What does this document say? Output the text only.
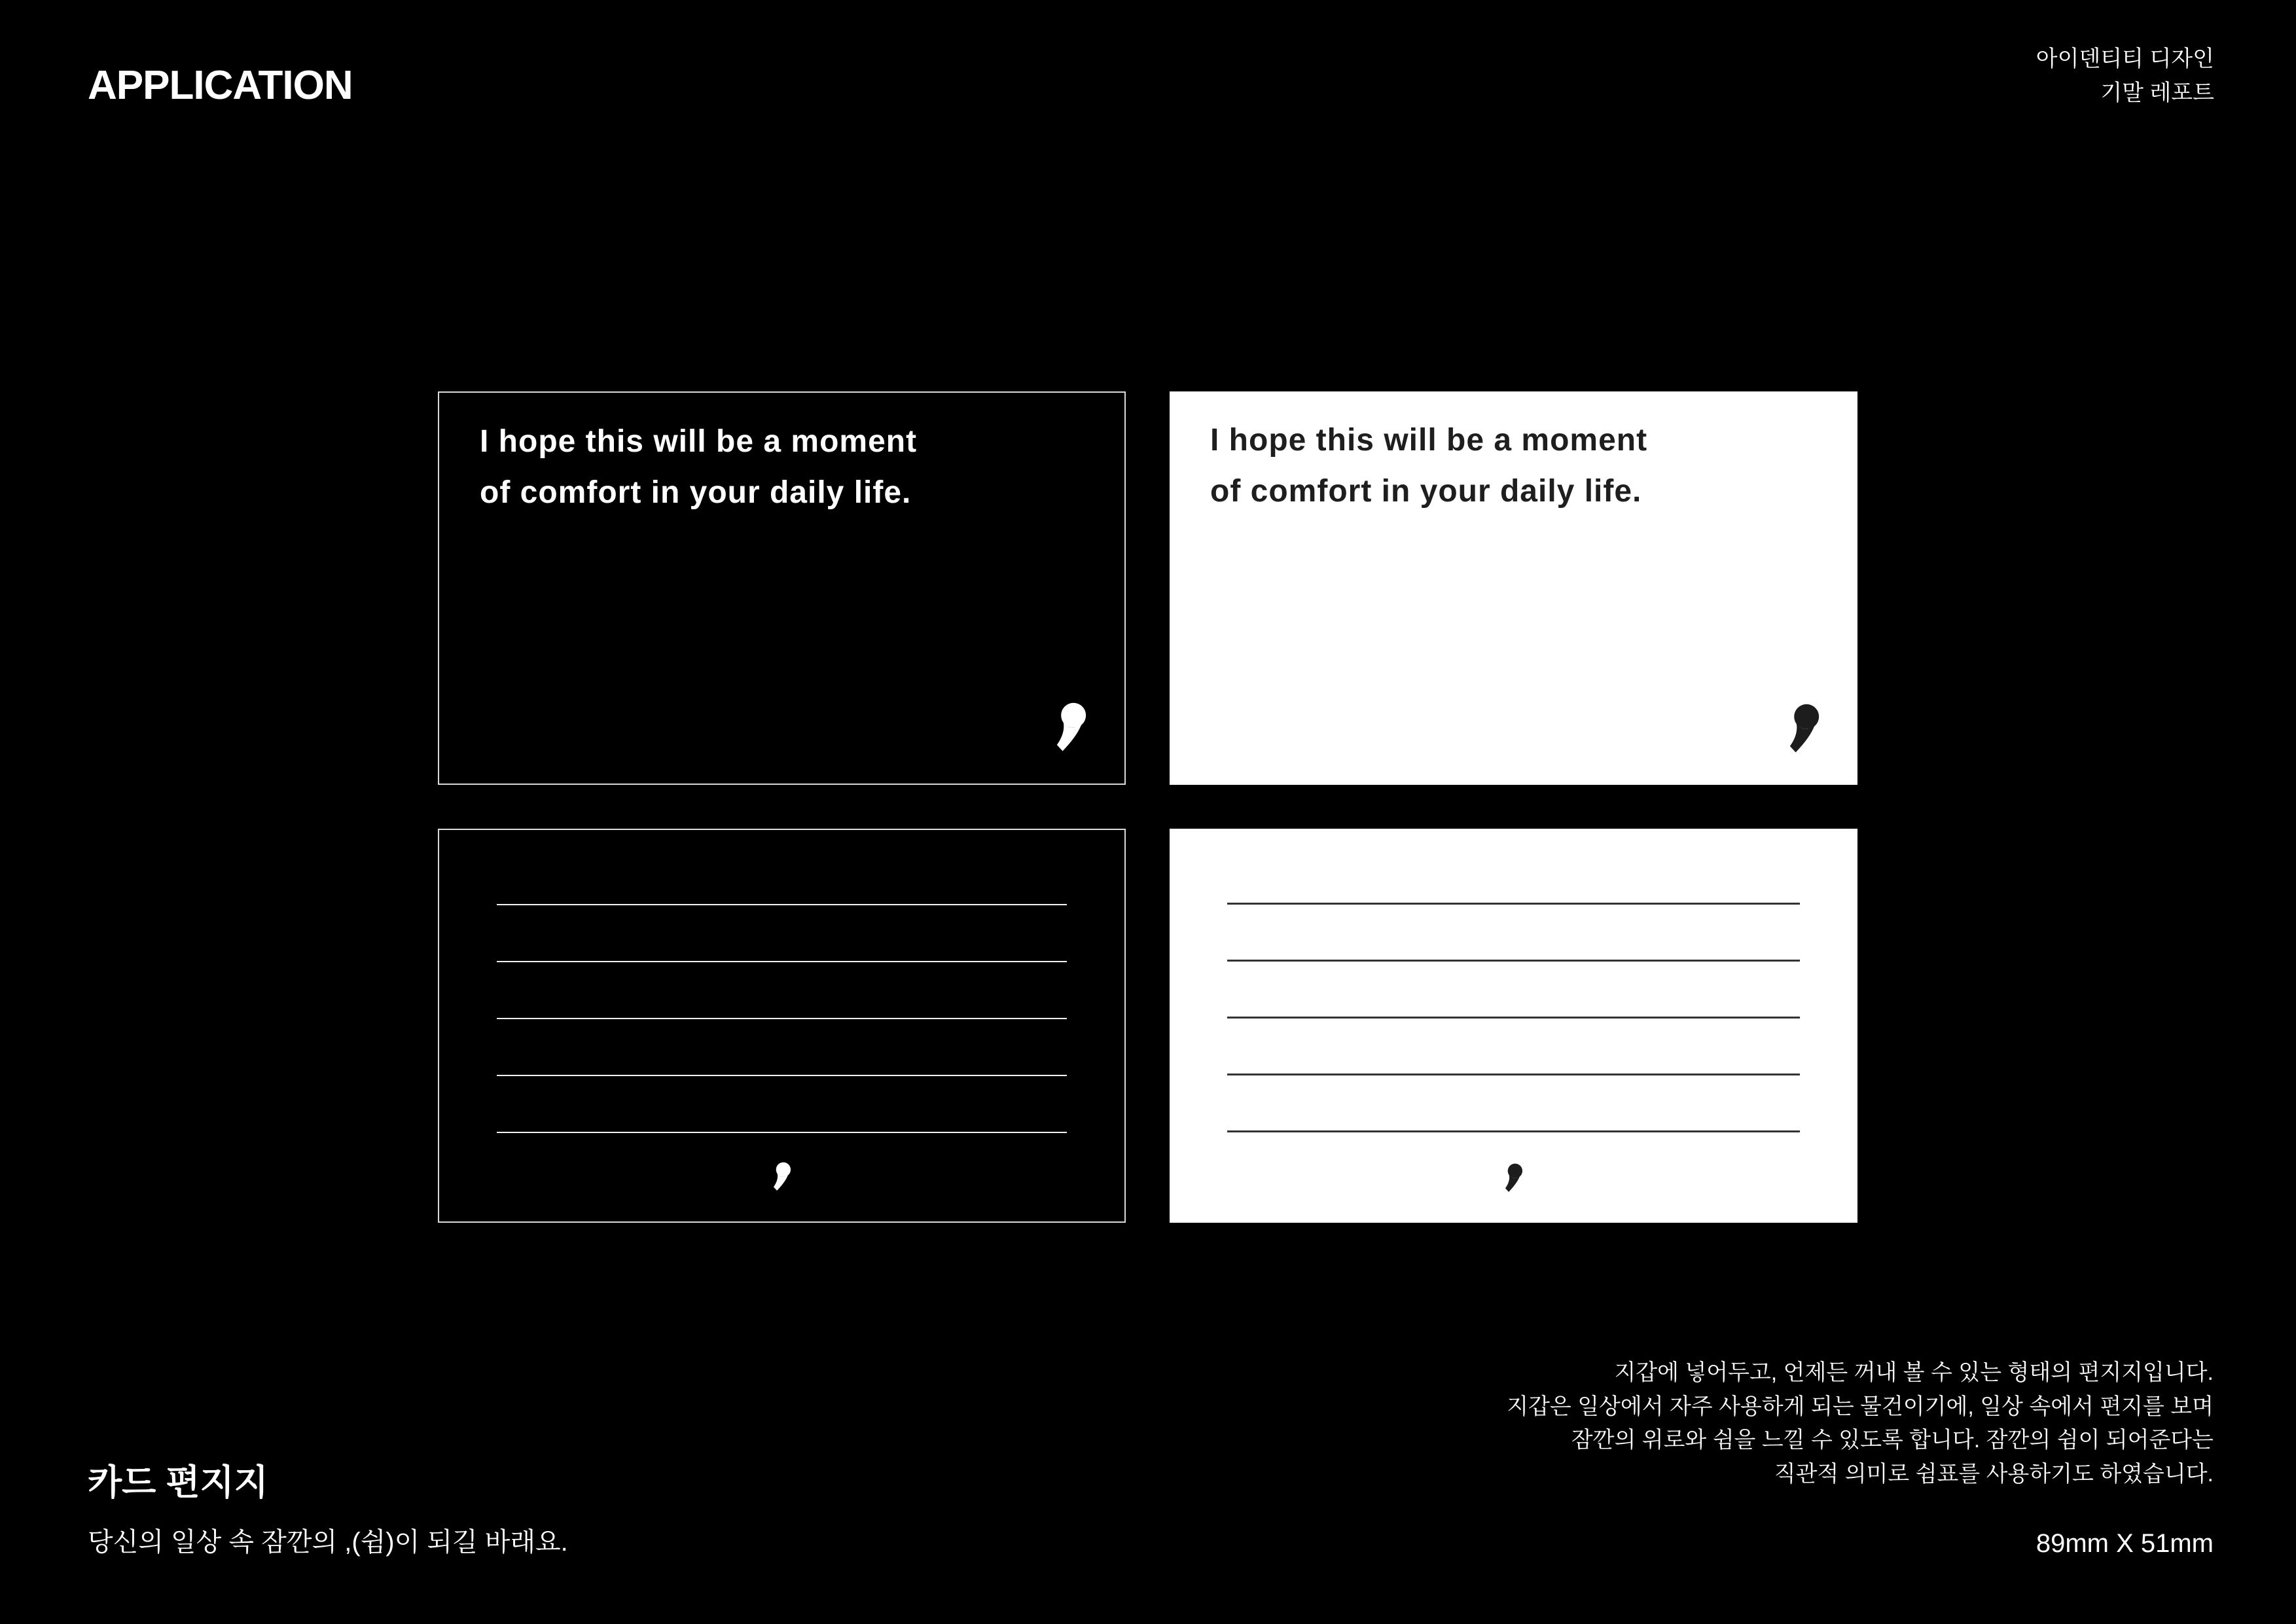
APPLICATION
아이덴티티 디자인
기말 레포트
I hope this will be a moment
of comfort in your daily life.
I hope this will be a moment
of comfort in your daily life.
카드 편지지
당신의 일상 속 잠깐의 ,(쉼)이 되길 바래요.
지갑에 넣어두고, 언제든 꺼내 볼 수 있는 형태의 편지지입니다.
지갑은 일상에서 자주 사용하게 되는 물건이기에, 일상 속에서 편지를 보며
잠깐의 위로와 쉼을 느낄 수 있도록 합니다. 잠깐의 쉼이 되어준다는
직관적 의미로 쉼표를 사용하기도 하였습니다.
89mm X 51mm
